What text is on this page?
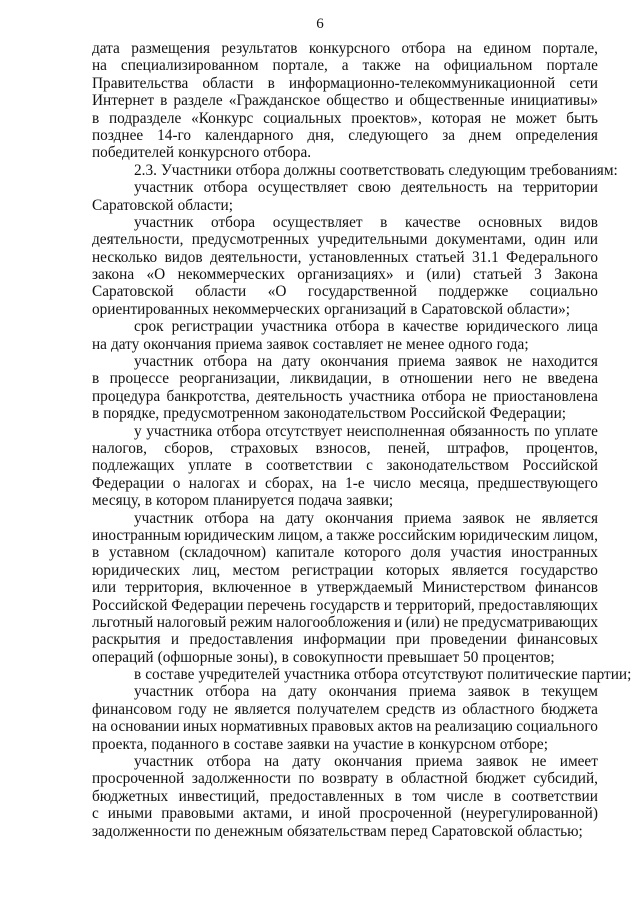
6
дата размещения результатов конкурсного отбора на едином портале,
на специализированном портале, а также на официальном портале
Правительства области в информационно-телекоммуникационной сети
Интернет в разделе «Гражданское общество и общественные инициативы»
в подразделе «Конкурс социальных проектов», которая не может быть
позднее 14-го календарного дня, следующего за днем определения
победителей конкурсного отбора.
2.3. Участники отбора должны соответствовать следующим требованиям:
участник отбора осуществляет свою деятельность на территории
Саратовской области;
участник отбора осуществляет в качестве основных видов
деятельности, предусмотренных учредительными документами, один или
несколько видов деятельности, установленных статьей 31.1 Федерального
закона «О некоммерческих организациях» и (или) статьей 3 Закона
Саратовской области «О государственной поддержке социально
ориентированных некоммерческих организаций в Саратовской области»;
срок регистрации участника отбора в качестве юридического лица
на дату окончания приема заявок составляет не менее одного года;
участник отбора на дату окончания приема заявок не находится
в процессе реорганизации, ликвидации, в отношении него не введена
процедура банкротства, деятельность участника отбора не приостановлена
в порядке, предусмотренном законодательством Российской Федерации;
у участника отбора отсутствует неисполненная обязанность по уплате
налогов, сборов, страховых взносов, пеней, штрафов, процентов,
подлежащих уплате в соответствии с законодательством Российской
Федерации о налогах и сборах, на 1-е число месяца, предшествующего
месяцу, в котором планируется подача заявки;
участник отбора на дату окончания приема заявок не является
иностранным юридическим лицом, а также российским юридическим лицом,
в уставном (складочном) капитале которого доля участия иностранных
юридических лиц, местом регистрации которых является государство
или территория, включенное в утверждаемый Министерством финансов
Российской Федерации перечень государств и территорий, предоставляющих
льготный налоговый режим налогообложения и (или) не предусматривающих
раскрытия и предоставления информации при проведении финансовых
операций (офшорные зоны), в совокупности превышает 50 процентов;
в составе учредителей участника отбора отсутствуют политические партии;
участник отбора на дату окончания приема заявок в текущем
финансовом году не является получателем средств из областного бюджета
на основании иных нормативных правовых актов на реализацию социального
проекта, поданного в составе заявки на участие в конкурсном отборе;
участник отбора на дату окончания приема заявок не имеет
просроченной задолженности по возврату в областной бюджет субсидий,
бюджетных инвестиций, предоставленных в том числе в соответствии
с иными правовыми актами, и иной просроченной (неурегулированной)
задолженности по денежным обязательствам перед Саратовской областью;
